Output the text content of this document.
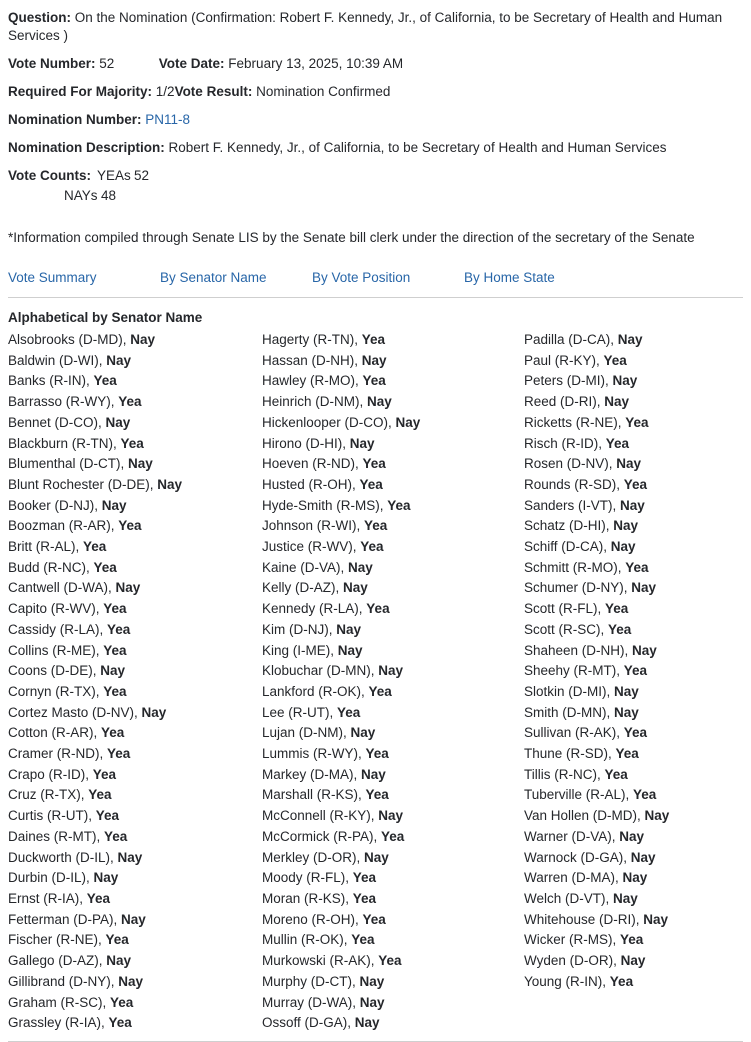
Question: On the Nomination (Confirmation: Robert F. Kennedy, Jr., of California, to be Secretary of Health and Human Services )

Vote Number: 52	Vote Date: February 13, 2025, 10:39 AM

Required For Majority: 1/2Vote Result: Nomination Confirmed

Nomination Number: PN11-8

Nomination Description: Robert F. Kennedy, Jr., of California, to be Secretary of Health and Human Services

Vote Counts: YEAs 52
NAYs 48

*Information compiled through Senate LIS by the Senate bill clerk under the direction of the secretary of the Senate

Vote Summary	By Senator Name	By Vote Position	By Home State
Alphabetical by Senator Name
Alsobrooks (D-MD), Nay
Baldwin (D-WI), Nay
Banks (R-IN), Yea
Barrasso (R-WY), Yea
Bennet (D-CO), Nay
Blackburn (R-TN), Yea
Blumenthal (D-CT), Nay
Blunt Rochester (D-DE), Nay
Booker (D-NJ), Nay
Boozman (R-AR), Yea
Britt (R-AL), Yea
Budd (R-NC), Yea
Cantwell (D-WA), Nay
Capito (R-WV), Yea
Cassidy (R-LA), Yea
Collins (R-ME), Yea
Coons (D-DE), Nay
Cornyn (R-TX), Yea
Cortez Masto (D-NV), Nay
Cotton (R-AR), Yea
Cramer (R-ND), Yea
Crapo (R-ID), Yea
Cruz (R-TX), Yea
Curtis (R-UT), Yea
Daines (R-MT), Yea
Duckworth (D-IL), Nay
Durbin (D-IL), Nay
Ernst (R-IA), Yea
Fetterman (D-PA), Nay
Fischer (R-NE), Yea
Gallego (D-AZ), Nay
Gillibrand (D-NY), Nay
Graham (R-SC), Yea
Grassley (R-IA), Yea
Hagerty (R-TN), Yea
Hassan (D-NH), Nay
Hawley (R-MO), Yea
Heinrich (D-NM), Nay
Hickenlooper (D-CO), Nay
Hirono (D-HI), Nay
Hoeven (R-ND), Yea
Husted (R-OH), Yea
Hyde-Smith (R-MS), Yea
Johnson (R-WI), Yea
Justice (R-WV), Yea
Kaine (D-VA), Nay
Kelly (D-AZ), Nay
Kennedy (R-LA), Yea
Kim (D-NJ), Nay
King (I-ME), Nay
Klobuchar (D-MN), Nay
Lankford (R-OK), Yea
Lee (R-UT), Yea
Lujan (D-NM), Nay
Lummis (R-WY), Yea
Markey (D-MA), Nay
Marshall (R-KS), Yea
McConnell (R-KY), Nay
McCormick (R-PA), Yea
Merkley (D-OR), Nay
Moody (R-FL), Yea
Moran (R-KS), Yea
Moreno (R-OH), Yea
Mullin (R-OK), Yea
Murkowski (R-AK), Yea
Murphy (D-CT), Nay
Murray (D-WA), Nay
Ossoff (D-GA), Nay
Padilla (D-CA), Nay
Paul (R-KY), Yea
Peters (D-MI), Nay
Reed (D-RI), Nay
Ricketts (R-NE), Yea
Risch (R-ID), Yea
Rosen (D-NV), Nay
Rounds (R-SD), Yea
Sanders (I-VT), Nay
Schatz (D-HI), Nay
Schiff (D-CA), Nay
Schmitt (R-MO), Yea
Schumer (D-NY), Nay
Scott (R-FL), Yea
Scott (R-SC), Yea
Shaheen (D-NH), Nay
Sheehy (R-MT), Yea
Slotkin (D-MI), Nay
Smith (D-MN), Nay
Sullivan (R-AK), Yea
Thune (R-SD), Yea
Tillis (R-NC), Yea
Tuberville (R-AL), Yea
Van Hollen (D-MD), Nay
Warner (D-VA), Nay
Warnock (D-GA), Nay
Warren (D-MA), Nay
Welch (D-VT), Nay
Whitehouse (D-RI), Nay
Wicker (R-MS), Yea
Wyden (D-OR), Nay
Young (R-IN), Yea
